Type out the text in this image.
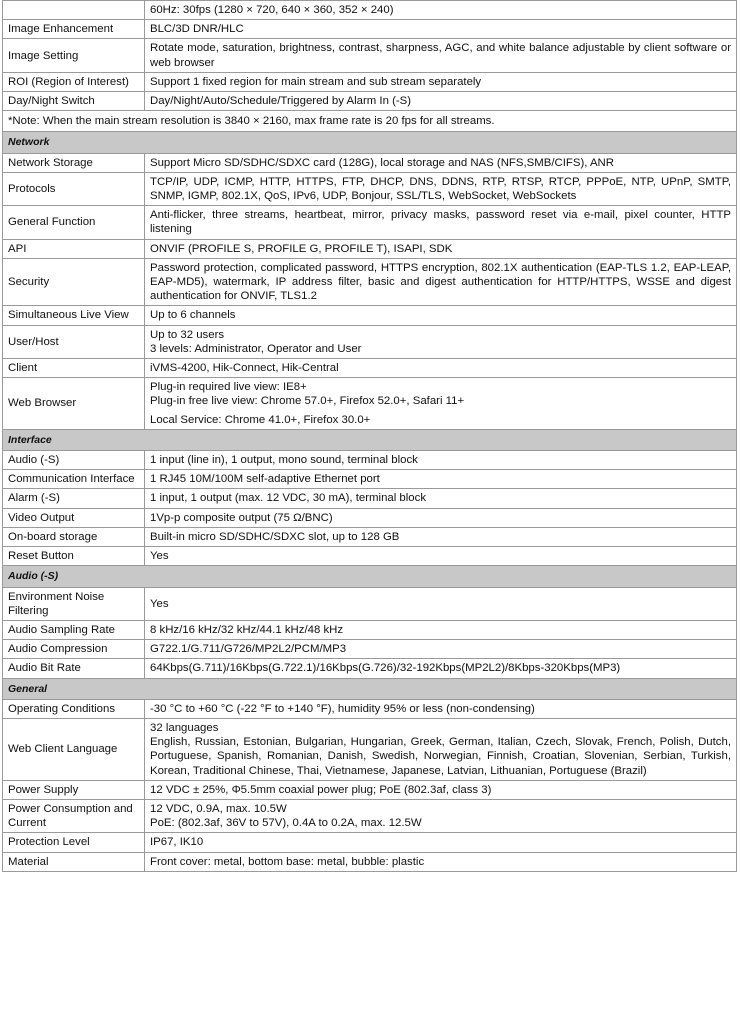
	60Hz: 30fps (1280 × 720, 640 × 360, 352 × 240)

Image Enhancement	BLC/3D DNR/HLC

Image Setting	Rotate mode, saturation, brightness, contrast, sharpness, AGC, and white balance adjustable by client software or web browser

ROI (Region of Interest)	Support 1 fixed region for main stream and sub stream separately

Day/Night Switch	Day/Night/Auto/Schedule/Triggered by Alarm In (-S)

*Note: When the main stream resolution is 3840 × 2160, max frame rate is 20 fps for all streams.	
Network	
Network Storage	Support Micro SD/SDHC/SDXC card (128G), local storage and NAS (NFS,SMB/CIFS), ANR

Protocols	TCP/IP, UDP, ICMP, HTTP, HTTPS, FTP, DHCP, DNS, DDNS, RTP, RTSP, RTCP, PPPoE, NTP, UPnP, SMTP, SNMP, IGMP, 802.1X, QoS, IPv6, UDP, Bonjour, SSL/TLS, WebSocket, WebSockets

General Function	Anti-flicker, three streams, heartbeat, mirror, privacy masks, password reset via e-mail, pixel counter, HTTP listening

API	ONVIF (PROFILE S, PROFILE G, PROFILE T), ISAPI, SDK

Security	Password protection, complicated password, HTTPS encryption, 802.1X authentication (EAP-TLS 1.2, EAP-LEAP, EAP-MD5), watermark, IP address filter, basic and digest authentication for HTTP/HTTPS, WSSE and digest authentication for ONVIF, TLS1.2

Simultaneous Live View	Up to 6 channels

User/Host	Up to 32 users
3 levels: Administrator, Operator and User

Client	iVMS-4200, Hik-Connect, Hik-Central

Web Browser	Plug-in required live view: IE8+
Plug-in free live view: Chrome 57.0+, Firefox 52.0+, Safari 11+
Local Service: Chrome 41.0+, Firefox 30.0+

Interface	
Audio (-S)	1 input (line in), 1 output, mono sound, terminal block

Communication Interface	1 RJ45 10M/100M self-adaptive Ethernet port

Alarm (-S)	1 input, 1 output (max. 12 VDC, 30 mA), terminal block

Video Output	1Vp-p composite output (75 Ω/BNC)

On-board storage	Built-in micro SD/SDHC/SDXC slot, up to 128 GB

Reset Button	Yes

Audio (-S)	
Environment Noise Filtering	Yes

Audio Sampling Rate	8 kHz/16 kHz/32 kHz/44.1 kHz/48 kHz

Audio Compression	G722.1/G.711/G726/MP2L2/PCM/MP3

Audio Bit Rate	64Kbps(G.711)/16Kbps(G.722.1)/16Kbps(G.726)/32-192Kbps(MP2L2)/8Kbps-320Kbps(MP3)

General	
Operating Conditions	-30 °C to +60 °C (-22 °F to +140 °F), humidity 95% or less (non-condensing)

Web Client Language	32 languages
English, Russian, Estonian, Bulgarian, Hungarian, Greek, German, Italian, Czech, Slovak, French, Polish, Dutch, Portuguese, Spanish, Romanian, Danish, Swedish, Norwegian, Finnish, Croatian, Slovenian, Serbian, Turkish, Korean, Traditional Chinese, Thai, Vietnamese, Japanese, Latvian, Lithuanian, Portuguese (Brazil)

Power Supply	12 VDC ± 25%, Φ5.5mm coaxial power plug; PoE (802.3af, class 3)

Power Consumption and Current	12 VDC, 0.9A, max. 10.5W
PoE: (802.3af, 36V to 57V), 0.4A to 0.2A, max. 12.5W

Protection Level	IP67, IK10

Material	Front cover: metal, bottom base: metal, bubble: plastic
